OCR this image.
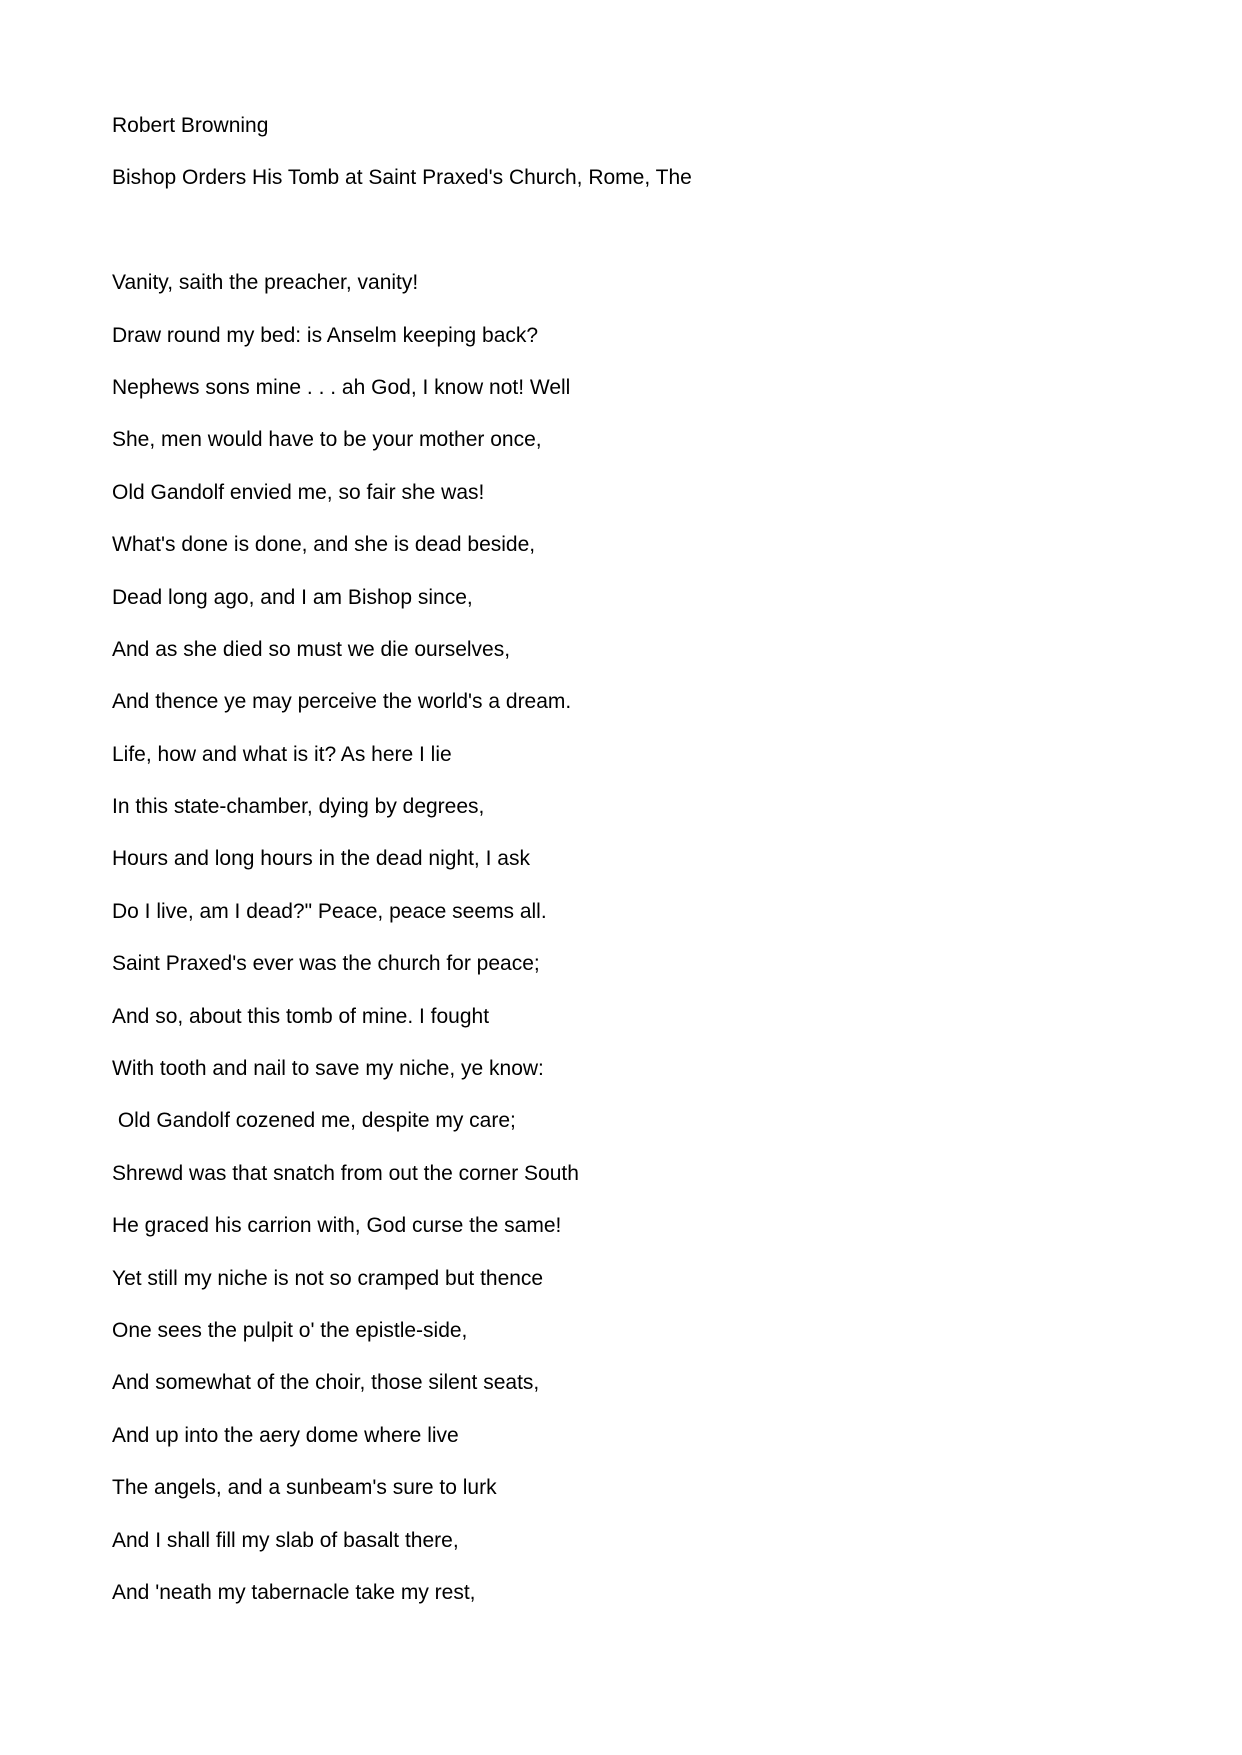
Robert Browning

Bishop Orders His Tomb at Saint Praxed's Church, Rome, The

Vanity, saith the preacher, vanity!

Draw round my bed: is Anselm keeping back?

Nephews sons mine . . . ah God, I know not! Well

She, men would have to be your mother once,

Old Gandolf envied me, so fair she was!

What's done is done, and she is dead beside,

Dead long ago, and I am Bishop since,

And as she died so must we die ourselves,

And thence ye may perceive the world's a dream.

Life, how and what is it? As here I lie

In this state-chamber, dying by degrees,

Hours and long hours in the dead night, I ask

Do I live, am I dead?" Peace, peace seems all.

Saint Praxed's ever was the church for peace;

And so, about this tomb of mine. I fought

With tooth and nail to save my niche, ye know:

Old Gandolf cozened me, despite my care;

Shrewd was that snatch from out the corner South

He graced his carrion with, God curse the same!

Yet still my niche is not so cramped but thence

One sees the pulpit o' the epistle-side,

And somewhat of the choir, those silent seats,

And up into the aery dome where live

The angels, and a sunbeam's sure to lurk

And I shall fill my slab of basalt there,

And 'neath my tabernacle take my rest,
